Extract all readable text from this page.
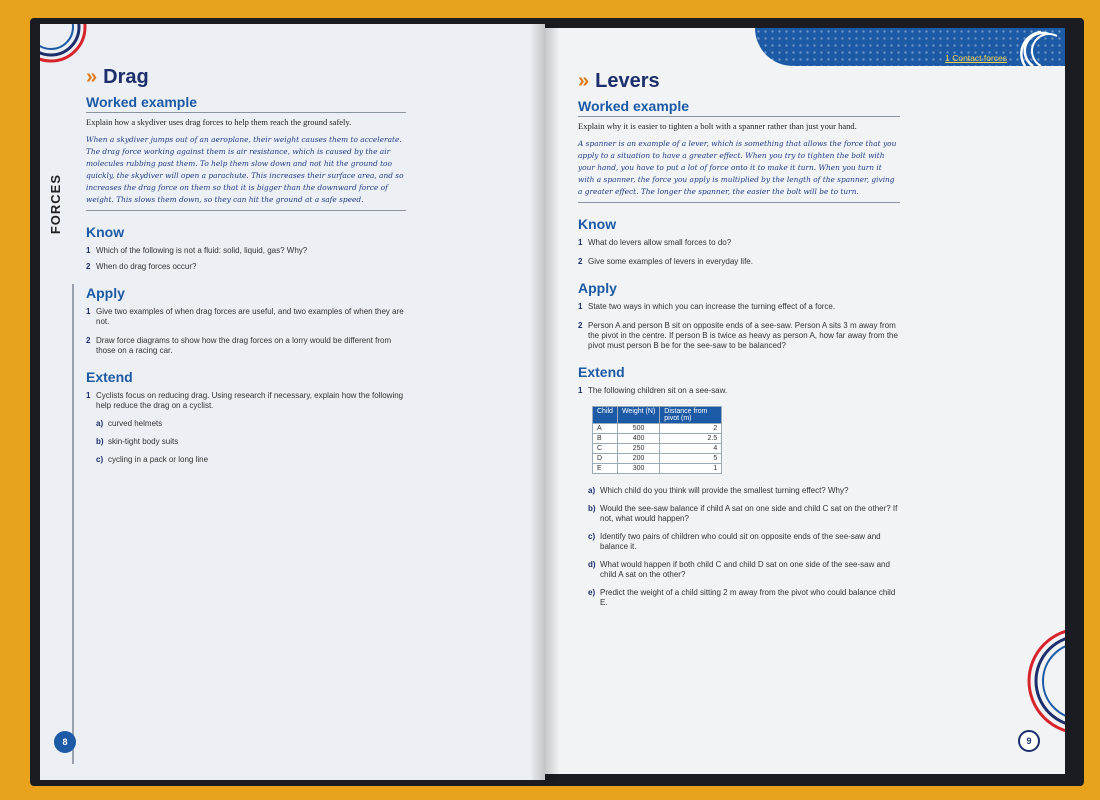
FORCES
» Drag
Worked example
Explain how a skydiver uses drag forces to help them reach the ground safely.
When a skydiver jumps out of an aeroplane, their weight causes them to accelerate. The drag force working against them is air resistance, which is caused by the air molecules rubbing past them. To help them slow down and not hit the ground too quickly, the skydiver will open a parachute. This increases their surface area, and so increases the drag force on them so that it is bigger than the downward force of weight. This slows them down, so they can hit the ground at a safe speed.
Know
1 Which of the following is not a fluid: solid, liquid, gas? Why?
2 When do drag forces occur?
Apply
1 Give two examples of when drag forces are useful, and two examples of when they are not.
2 Draw force diagrams to show how the drag forces on a lorry would be different from those on a racing car.
Extend
1 Cyclists focus on reducing drag. Using research if necessary, explain how the following help reduce the drag on a cyclist.
a) curved helmets
b) skin-tight body suits
c) cycling in a pack or long line
8
1 Contact forces
» Levers
Worked example
Explain why it is easier to tighten a bolt with a spanner rather than just your hand.
A spanner is an example of a lever, which is something that allows the force that you apply to a situation to have a greater effect. When you try to tighten the bolt with your hand, you have to put a lot of force onto it to make it turn. When you turn it with a spanner, the force you apply is multiplied by the length of the spanner, giving a greater effect. The longer the spanner, the easier the bolt will be to turn.
Know
1 What do levers allow small forces to do?
2 Give some examples of levers in everyday life.
Apply
1 State two ways in which you can increase the turning effect of a force.
2 Person A and person B sit on opposite ends of a see-saw. Person A sits 3 m away from the pivot in the centre. If person B is twice as heavy as person A, how far away from the pivot must person B be for the see-saw to be balanced?
Extend
1 The following children sit on a see-saw.
Child	Weight (N)	Distance from pivot (m)
A	500	2
B	400	2.5
C	250	4
D	200	5
E	300	1
a) Which child do you think will provide the smallest turning effect? Why?
b) Would the see-saw balance if child A sat on one side and child C sat on the other? If not, what would happen?
c) Identify two pairs of children who could sit on opposite ends of the see-saw and balance it.
d) What would happen if both child C and child D sat on one side of the see-saw and child A sat on the other?
e) Predict the weight of a child sitting 2 m away from the pivot who could balance child E.
9
